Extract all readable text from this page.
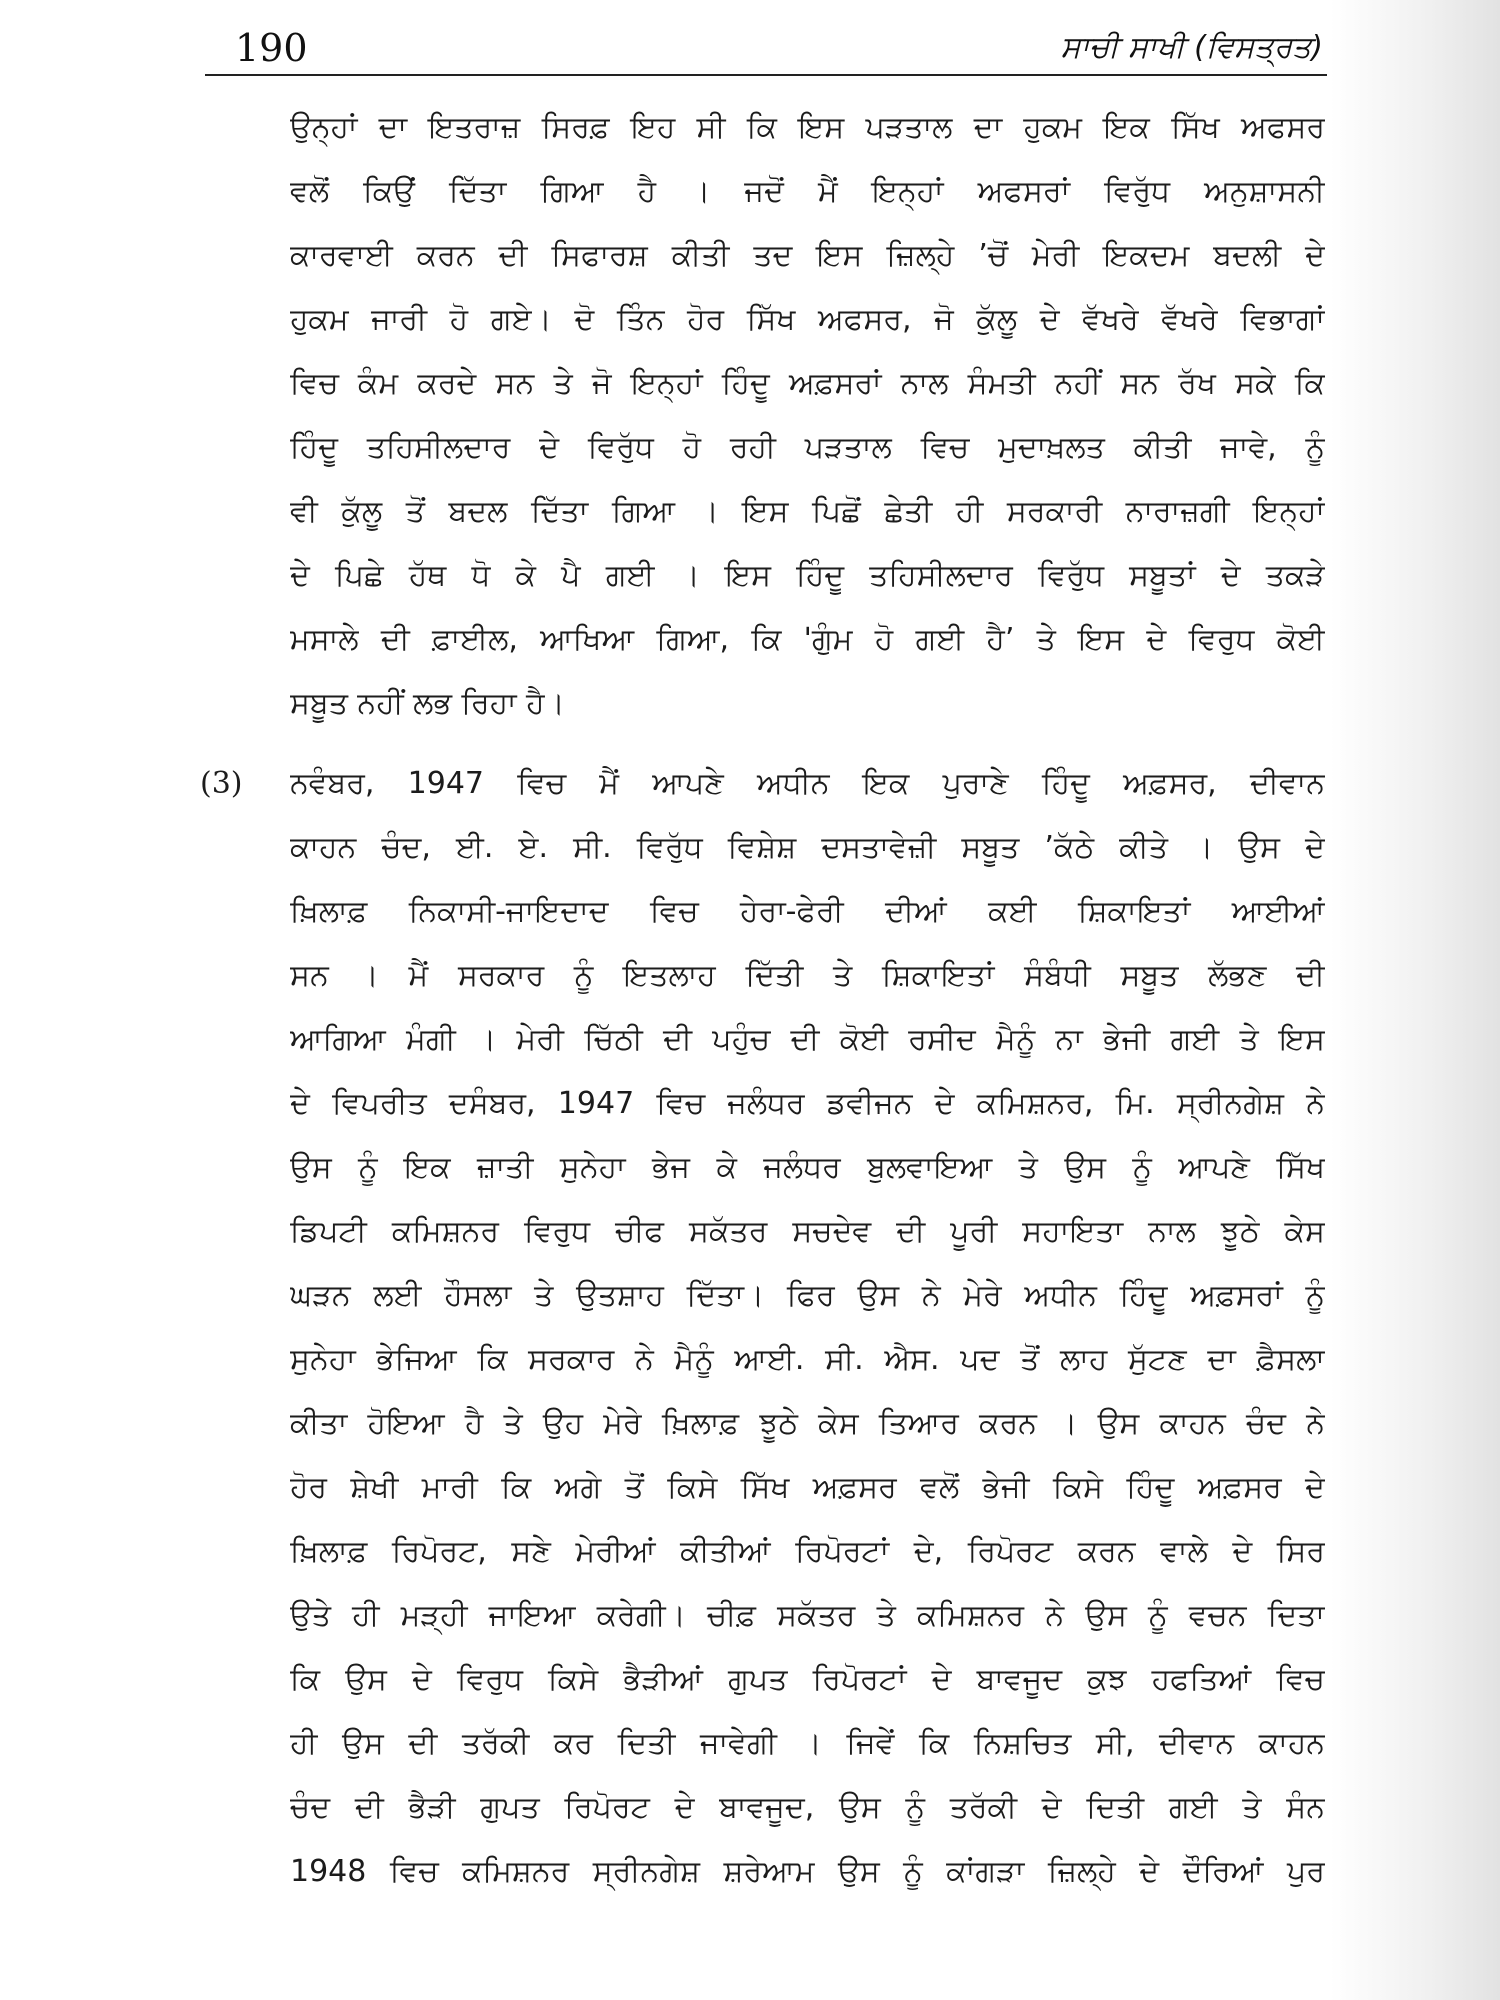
190	ਸਾਚੀ ਸਾਖੀ (ਵਿਸਤ੍ਰਤ)
ਉਨ੍ਹਾਂ ਦਾ ਇਤਰਾਜ਼ ਸਿਰਫ਼ ਇਹ ਸੀ ਕਿ ਇਸ ਪੜਤਾਲ ਦਾ ਹੁਕਮ ਇਕ ਸਿੱਖ ਅਫਸਰ
ਵਲੋਂ ਕਿਉਂ ਦਿੱਤਾ ਗਿਆ ਹੈ । ਜਦੋਂ ਮੈਂ ਇਨ੍ਹਾਂ ਅਫਸਰਾਂ ਵਿਰੁੱਧ ਅਨੁਸ਼ਾਸਨੀ
ਕਾਰਵਾਈ ਕਰਨ ਦੀ ਸਿਫਾਰਸ਼ ਕੀਤੀ ਤਦ ਇਸ ਜ਼ਿਲ੍ਹੇ ’ਚੋਂ ਮੇਰੀ ਇਕਦਮ ਬਦਲੀ ਦੇ
ਹੁਕਮ ਜਾਰੀ ਹੋ ਗਏ। ਦੋ ਤਿੰਨ ਹੋਰ ਸਿੱਖ ਅਫਸਰ, ਜੋ ਕੁੱਲੂ ਦੇ ਵੱਖਰੇ ਵੱਖਰੇ ਵਿਭਾਗਾਂ
ਵਿਚ ਕੰਮ ਕਰਦੇ ਸਨ ਤੇ ਜੋ ਇਨ੍ਹਾਂ ਹਿੰਦੂ ਅਫ਼ਸਰਾਂ ਨਾਲ ਸੰਮਤੀ ਨਹੀਂ ਸਨ ਰੱਖ ਸਕੇ ਕਿ
ਹਿੰਦੂ ਤਹਿਸੀਲਦਾਰ ਦੇ ਵਿਰੁੱਧ ਹੋ ਰਹੀ ਪੜਤਾਲ ਵਿਚ ਮੁਦਾਖ਼ਲਤ ਕੀਤੀ ਜਾਵੇ, ਨੂੰ
ਵੀ ਕੁੱਲੂ ਤੋਂ ਬਦਲ ਦਿੱਤਾ ਗਿਆ । ਇਸ ਪਿਛੋਂ ਛੇਤੀ ਹੀ ਸਰਕਾਰੀ ਨਾਰਾਜ਼ਗੀ ਇਨ੍ਹਾਂ
ਦੇ ਪਿਛੇ ਹੱਥ ਧੋ ਕੇ ਪੈ ਗਈ । ਇਸ ਹਿੰਦੂ ਤਹਿਸੀਲਦਾਰ ਵਿਰੁੱਧ ਸਬੂਤਾਂ ਦੇ ਤਕੜੇ
ਮਸਾਲੇ ਦੀ ਫ਼ਾਈਲ, ਆਖਿਆ ਗਿਆ, ਕਿ 'ਗੁੰਮ ਹੋ ਗਈ ਹੈ’ ਤੇ ਇਸ ਦੇ ਵਿਰੁਧ ਕੋਈ
ਸਬੂਤ ਨਹੀਂ ਲਭ ਰਿਹਾ ਹੈ।
(3) ਨਵੰਬਰ, 1947 ਵਿਚ ਮੈਂ ਆਪਣੇ ਅਧੀਨ ਇਕ ਪੁਰਾਣੇ ਹਿੰਦੂ ਅਫ਼ਸਰ, ਦੀਵਾਨ
ਕਾਹਨ ਚੰਦ, ਈ. ਏ. ਸੀ. ਵਿਰੁੱਧ ਵਿਸ਼ੇਸ਼ ਦਸਤਾਵੇਜ਼ੀ ਸਬੂਤ ’ਕੱਠੇ ਕੀਤੇ । ਉਸ ਦੇ
ਖ਼ਿਲਾਫ਼ ਨਿਕਾਸੀ-ਜਾਇਦਾਦ ਵਿਚ ਹੇਰਾ-ਫੇਰੀ ਦੀਆਂ ਕਈ ਸ਼ਿਕਾਇਤਾਂ ਆਈਆਂ
ਸਨ । ਮੈਂ ਸਰਕਾਰ ਨੂੰ ਇਤਲਾਹ ਦਿੱਤੀ ਤੇ ਸ਼ਿਕਾਇਤਾਂ ਸੰਬੰਧੀ ਸਬੂਤ ਲੱਭਣ ਦੀ
ਆਗਿਆ ਮੰਗੀ । ਮੇਰੀ ਚਿੱਠੀ ਦੀ ਪਹੁੰਚ ਦੀ ਕੋਈ ਰਸੀਦ ਮੈਨੂੰ ਨਾ ਭੇਜੀ ਗਈ ਤੇ ਇਸ
ਦੇ ਵਿਪਰੀਤ ਦਸੰਬਰ, 1947 ਵਿਚ ਜਲੰਧਰ ਡਵੀਜਨ ਦੇ ਕਮਿਸ਼ਨਰ, ਮਿ. ਸ੍ਰੀਨਗੇਸ਼ ਨੇ
ਉਸ ਨੂੰ ਇਕ ਜ਼ਾਤੀ ਸੁਨੇਹਾ ਭੇਜ ਕੇ ਜਲੰਧਰ ਬੁਲਵਾਇਆ ਤੇ ਉਸ ਨੂੰ ਆਪਣੇ ਸਿੱਖ
ਡਿਪਟੀ ਕਮਿਸ਼ਨਰ ਵਿਰੁਧ ਚੀਫ ਸਕੱਤਰ ਸਚਦੇਵ ਦੀ ਪੂਰੀ ਸਹਾਇਤਾ ਨਾਲ ਝੂਠੇ ਕੇਸ
ਘੜਨ ਲਈ ਹੌਸਲਾ ਤੇ ਉਤਸ਼ਾਹ ਦਿੱਤਾ। ਫਿਰ ਉਸ ਨੇ ਮੇਰੇ ਅਧੀਨ ਹਿੰਦੂ ਅਫ਼ਸਰਾਂ ਨੂੰ
ਸੁਨੇਹਾ ਭੇਜਿਆ ਕਿ ਸਰਕਾਰ ਨੇ ਮੈਨੂੰ ਆਈ. ਸੀ. ਐਸ. ਪਦ ਤੋਂ ਲਾਹ ਸੁੱਟਣ ਦਾ ਫ਼ੈਸਲਾ
ਕੀਤਾ ਹੋਇਆ ਹੈ ਤੇ ਉਹ ਮੇਰੇ ਖ਼ਿਲਾਫ਼ ਝੂਠੇ ਕੇਸ ਤਿਆਰ ਕਰਨ । ਉਸ ਕਾਹਨ ਚੰਦ ਨੇ
ਹੋਰ ਸ਼ੇਖੀ ਮਾਰੀ ਕਿ ਅਗੇ ਤੋਂ ਕਿਸੇ ਸਿੱਖ ਅਫ਼ਸਰ ਵਲੋਂ ਭੇਜੀ ਕਿਸੇ ਹਿੰਦੂ ਅਫ਼ਸਰ ਦੇ
ਖ਼ਿਲਾਫ਼ ਰਿਪੋਰਟ, ਸਣੇ ਮੇਰੀਆਂ ਕੀਤੀਆਂ ਰਿਪੋਰਟਾਂ ਦੇ, ਰਿਪੋਰਟ ਕਰਨ ਵਾਲੇ ਦੇ ਸਿਰ
ਉਤੇ ਹੀ ਮੜ੍ਹੀ ਜਾਇਆ ਕਰੇਗੀ। ਚੀਫ਼ ਸਕੱਤਰ ਤੇ ਕਮਿਸ਼ਨਰ ਨੇ ਉਸ ਨੂੰ ਵਚਨ ਦਿਤਾ
ਕਿ ਉਸ ਦੇ ਵਿਰੁਧ ਕਿਸੇ ਭੈੜੀਆਂ ਗੁਪਤ ਰਿਪੋਰਟਾਂ ਦੇ ਬਾਵਜੂਦ ਕੁਝ ਹਫਤਿਆਂ ਵਿਚ
ਹੀ ਉਸ ਦੀ ਤਰੱਕੀ ਕਰ ਦਿਤੀ ਜਾਵੇਗੀ । ਜਿਵੇਂ ਕਿ ਨਿਸ਼ਚਿਤ ਸੀ, ਦੀਵਾਨ ਕਾਹਨ
ਚੰਦ ਦੀ ਭੈੜੀ ਗੁਪਤ ਰਿਪੋਰਟ ਦੇ ਬਾਵਜੂਦ, ਉਸ ਨੂੰ ਤਰੱਕੀ ਦੇ ਦਿਤੀ ਗਈ ਤੇ ਸੰਨ
1948 ਵਿਚ ਕਮਿਸ਼ਨਰ ਸ੍ਰੀਨਗੇਸ਼ ਸ਼ਰੇਆਮ ਉਸ ਨੂੰ ਕਾਂਗੜਾ ਜ਼ਿਲ੍ਹੇ ਦੇ ਦੌਰਿਆਂ ਪੁਰ
